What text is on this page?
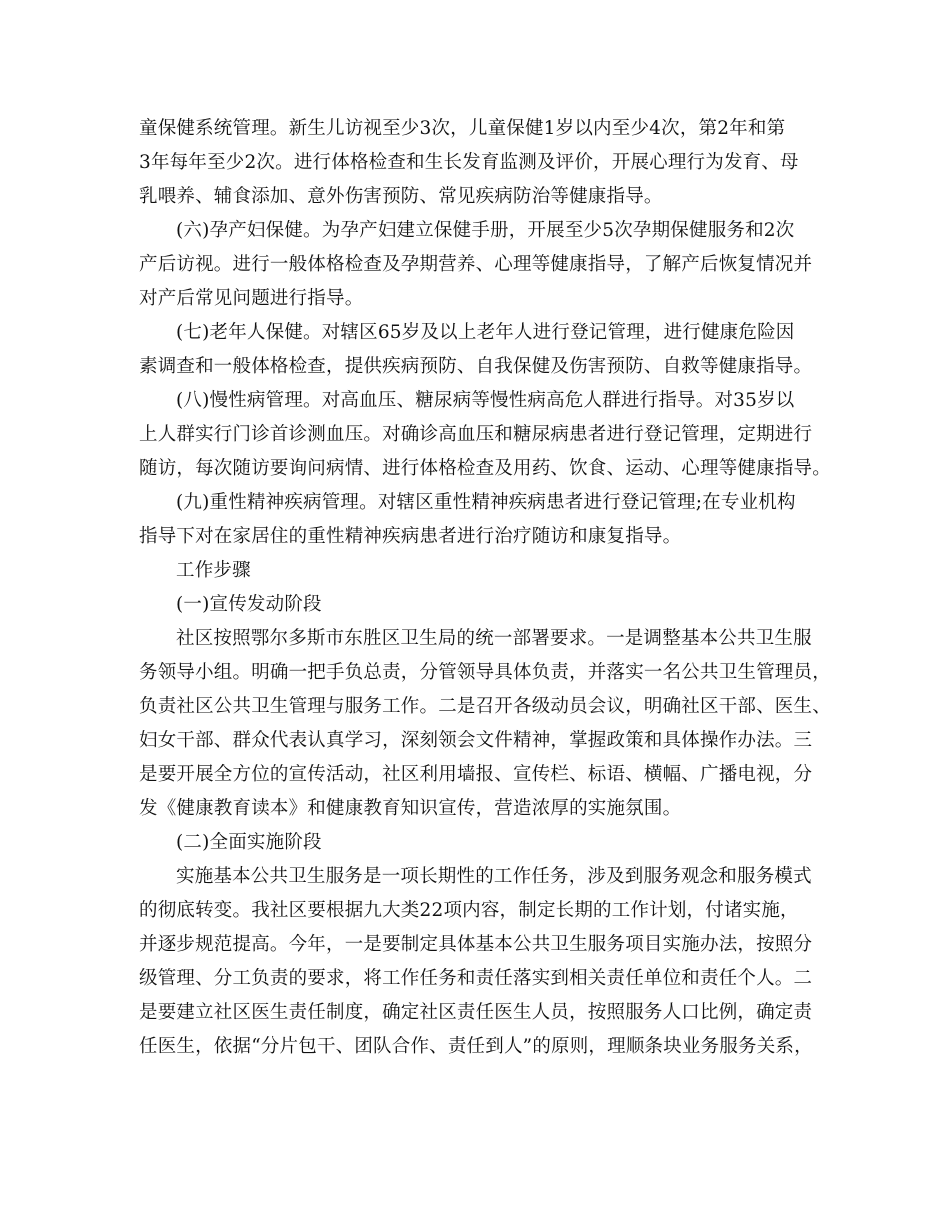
童保健系统管理。新生儿访视至少3次，儿童保健1岁以内至少4次，第2年和第
3年每年至少2次。进行体格检查和生长发育监测及评价，开展心理行为发育、母
乳喂养、辅食添加、意外伤害预防、常见疾病防治等健康指导。
(六)孕产妇保健。为孕产妇建立保健手册，开展至少5次孕期保健服务和2次
产后访视。进行一般体格检查及孕期营养、心理等健康指导，了解产后恢复情况并
对产后常见问题进行指导。
(七)老年人保健。对辖区65岁及以上老年人进行登记管理，进行健康危险因
素调查和一般体格检查，提供疾病预防、自我保健及伤害预防、自救等健康指导。
(八)慢性病管理。对高血压、糖尿病等慢性病高危人群进行指导。对35岁以
上人群实行门诊首诊测血压。对确诊高血压和糖尿病患者进行登记管理，定期进行
随访，每次随访要询问病情、进行体格检查及用药、饮食、运动、心理等健康指导。
(九)重性精神疾病管理。对辖区重性精神疾病患者进行登记管理;在专业机构
指导下对在家居住的重性精神疾病患者进行治疗随访和康复指导。
工作步骤
(一)宣传发动阶段
社区按照鄂尔多斯市东胜区卫生局的统一部署要求。一是调整基本公共卫生服
务领导小组。明确一把手负总责，分管领导具体负责，并落实一名公共卫生管理员，
负责社区公共卫生管理与服务工作。二是召开各级动员会议，明确社区干部、医生、
妇女干部、群众代表认真学习，深刻领会文件精神，掌握政策和具体操作办法。三
是要开展全方位的宣传活动，社区利用墙报、宣传栏、标语、横幅、广播电视，分
发《健康教育读本》和健康教育知识宣传，营造浓厚的实施氛围。
(二)全面实施阶段
实施基本公共卫生服务是一项长期性的工作任务，涉及到服务观念和服务模式
的彻底转变。我社区要根据九大类22项内容，制定长期的工作计划，付诸实施，
并逐步规范提高。今年，一是要制定具体基本公共卫生服务项目实施办法，按照分
级管理、分工负责的要求，将工作任务和责任落实到相关责任单位和责任个人。二
是要建立社区医生责任制度，确定社区责任医生人员，按照服务人口比例，确定责
任医生，依据“分片包干、团队合作、责任到人”的原则，理顺条块业务服务关系，
